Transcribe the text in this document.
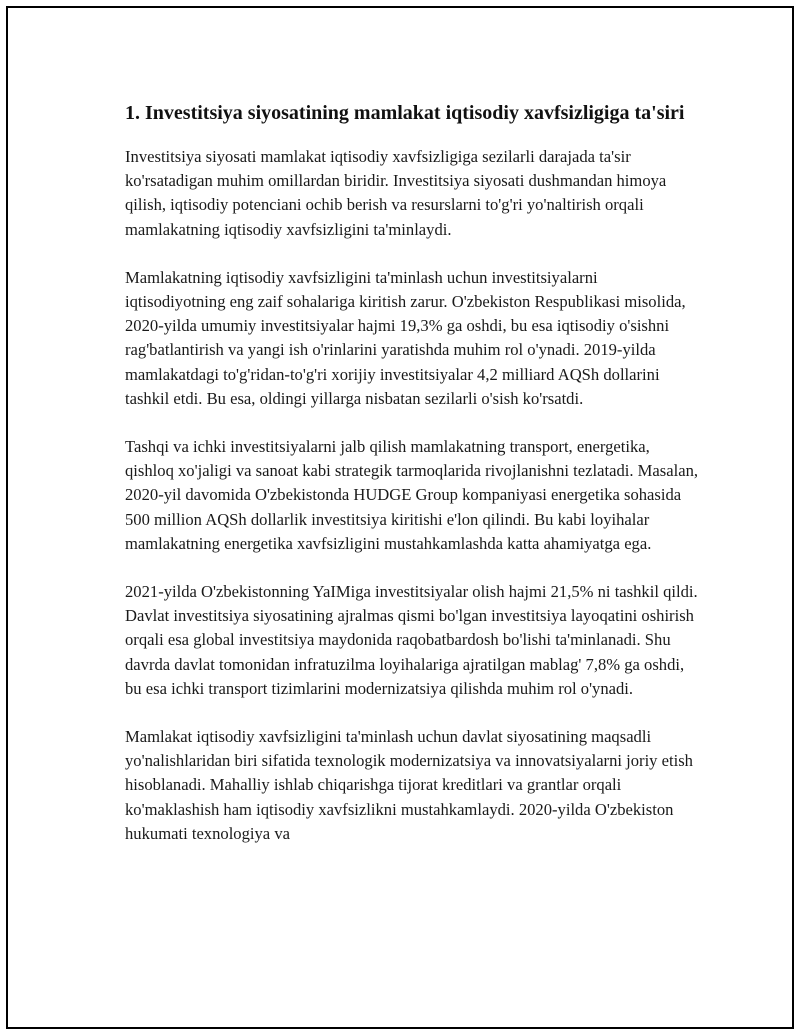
1. Investitsiya siyosatining mamlakat iqtisodiy xavfsizligiga ta'siri

Investitsiya siyosati mamlakat iqtisodiy xavfsizligiga sezilarli darajada ta'sir ko'rsatadigan muhim omillardan biridir. Investitsiya siyosati dushmandan himoya qilish, iqtisodiy potenciani ochib berish va resurslarni to'g'ri yo'naltirish orqali mamlakatning iqtisodiy xavfsizligini ta'minlaydi.

Mamlakatning iqtisodiy xavfsizligini ta'minlash uchun investitsiyalarni iqtisodiyotning eng zaif sohalariga kiritish zarur. O'zbekiston Respublikasi misolida, 2020-yilda umumiy investitsiyalar hajmi 19,3% ga oshdi, bu esa iqtisodiy o'sishni rag'batlantirish va yangi ish o'rinlarini yaratishda muhim rol o'ynadi. 2019-yilda mamlakatdagi to'g'ridan-to'g'ri xorijiy investitsiyalar 4,2 milliard AQSh dollarini tashkil etdi. Bu esa, oldingi yillarga nisbatan sezilarli o'sish ko'rsatdi.

Tashqi va ichki investitsiyalarni jalb qilish mamlakatning transport, energetika, qishloq xo'jaligi va sanoat kabi strategik tarmoqlarida rivojlanishni tezlatadi. Masalan, 2020-yil davomida O'zbekistonda HUDGE Group kompaniyasi energetika sohasida 500 million AQSh dollarlik investitsiya kiritishi e'lon qilindi. Bu kabi loyihalar mamlakatning energetika xavfsizligini mustahkamlashda katta ahamiyatga ega.

2021-yilda O'zbekistonning YaIMiga investitsiyalar olish hajmi 21,5% ni tashkil qildi. Davlat investitsiya siyosatining ajralmas qismi bo'lgan investitsiya layoqatini oshirish orqali esa global investitsiya maydonida raqobatbardosh bo'lishi ta'minlanadi. Shu davrda davlat tomonidan infratuzilma loyihalariga ajratilgan mablag' 7,8% ga oshdi, bu esa ichki transport tizimlarini modernizatsiya qilishda muhim rol o'ynadi.

Mamlakat iqtisodiy xavfsizligini ta'minlash uchun davlat siyosatining maqsadli yo'nalishlaridan biri sifatida texnologik modernizatsiya va innovatsiyalarni joriy etish hisoblanadi. Mahalliy ishlab chiqarishga tijorat kreditlari va grantlar orqali ko'maklashish ham iqtisodiy xavfsizlikni mustahkamlaydi. 2020-yilda O'zbekiston hukumati texnologiya va
